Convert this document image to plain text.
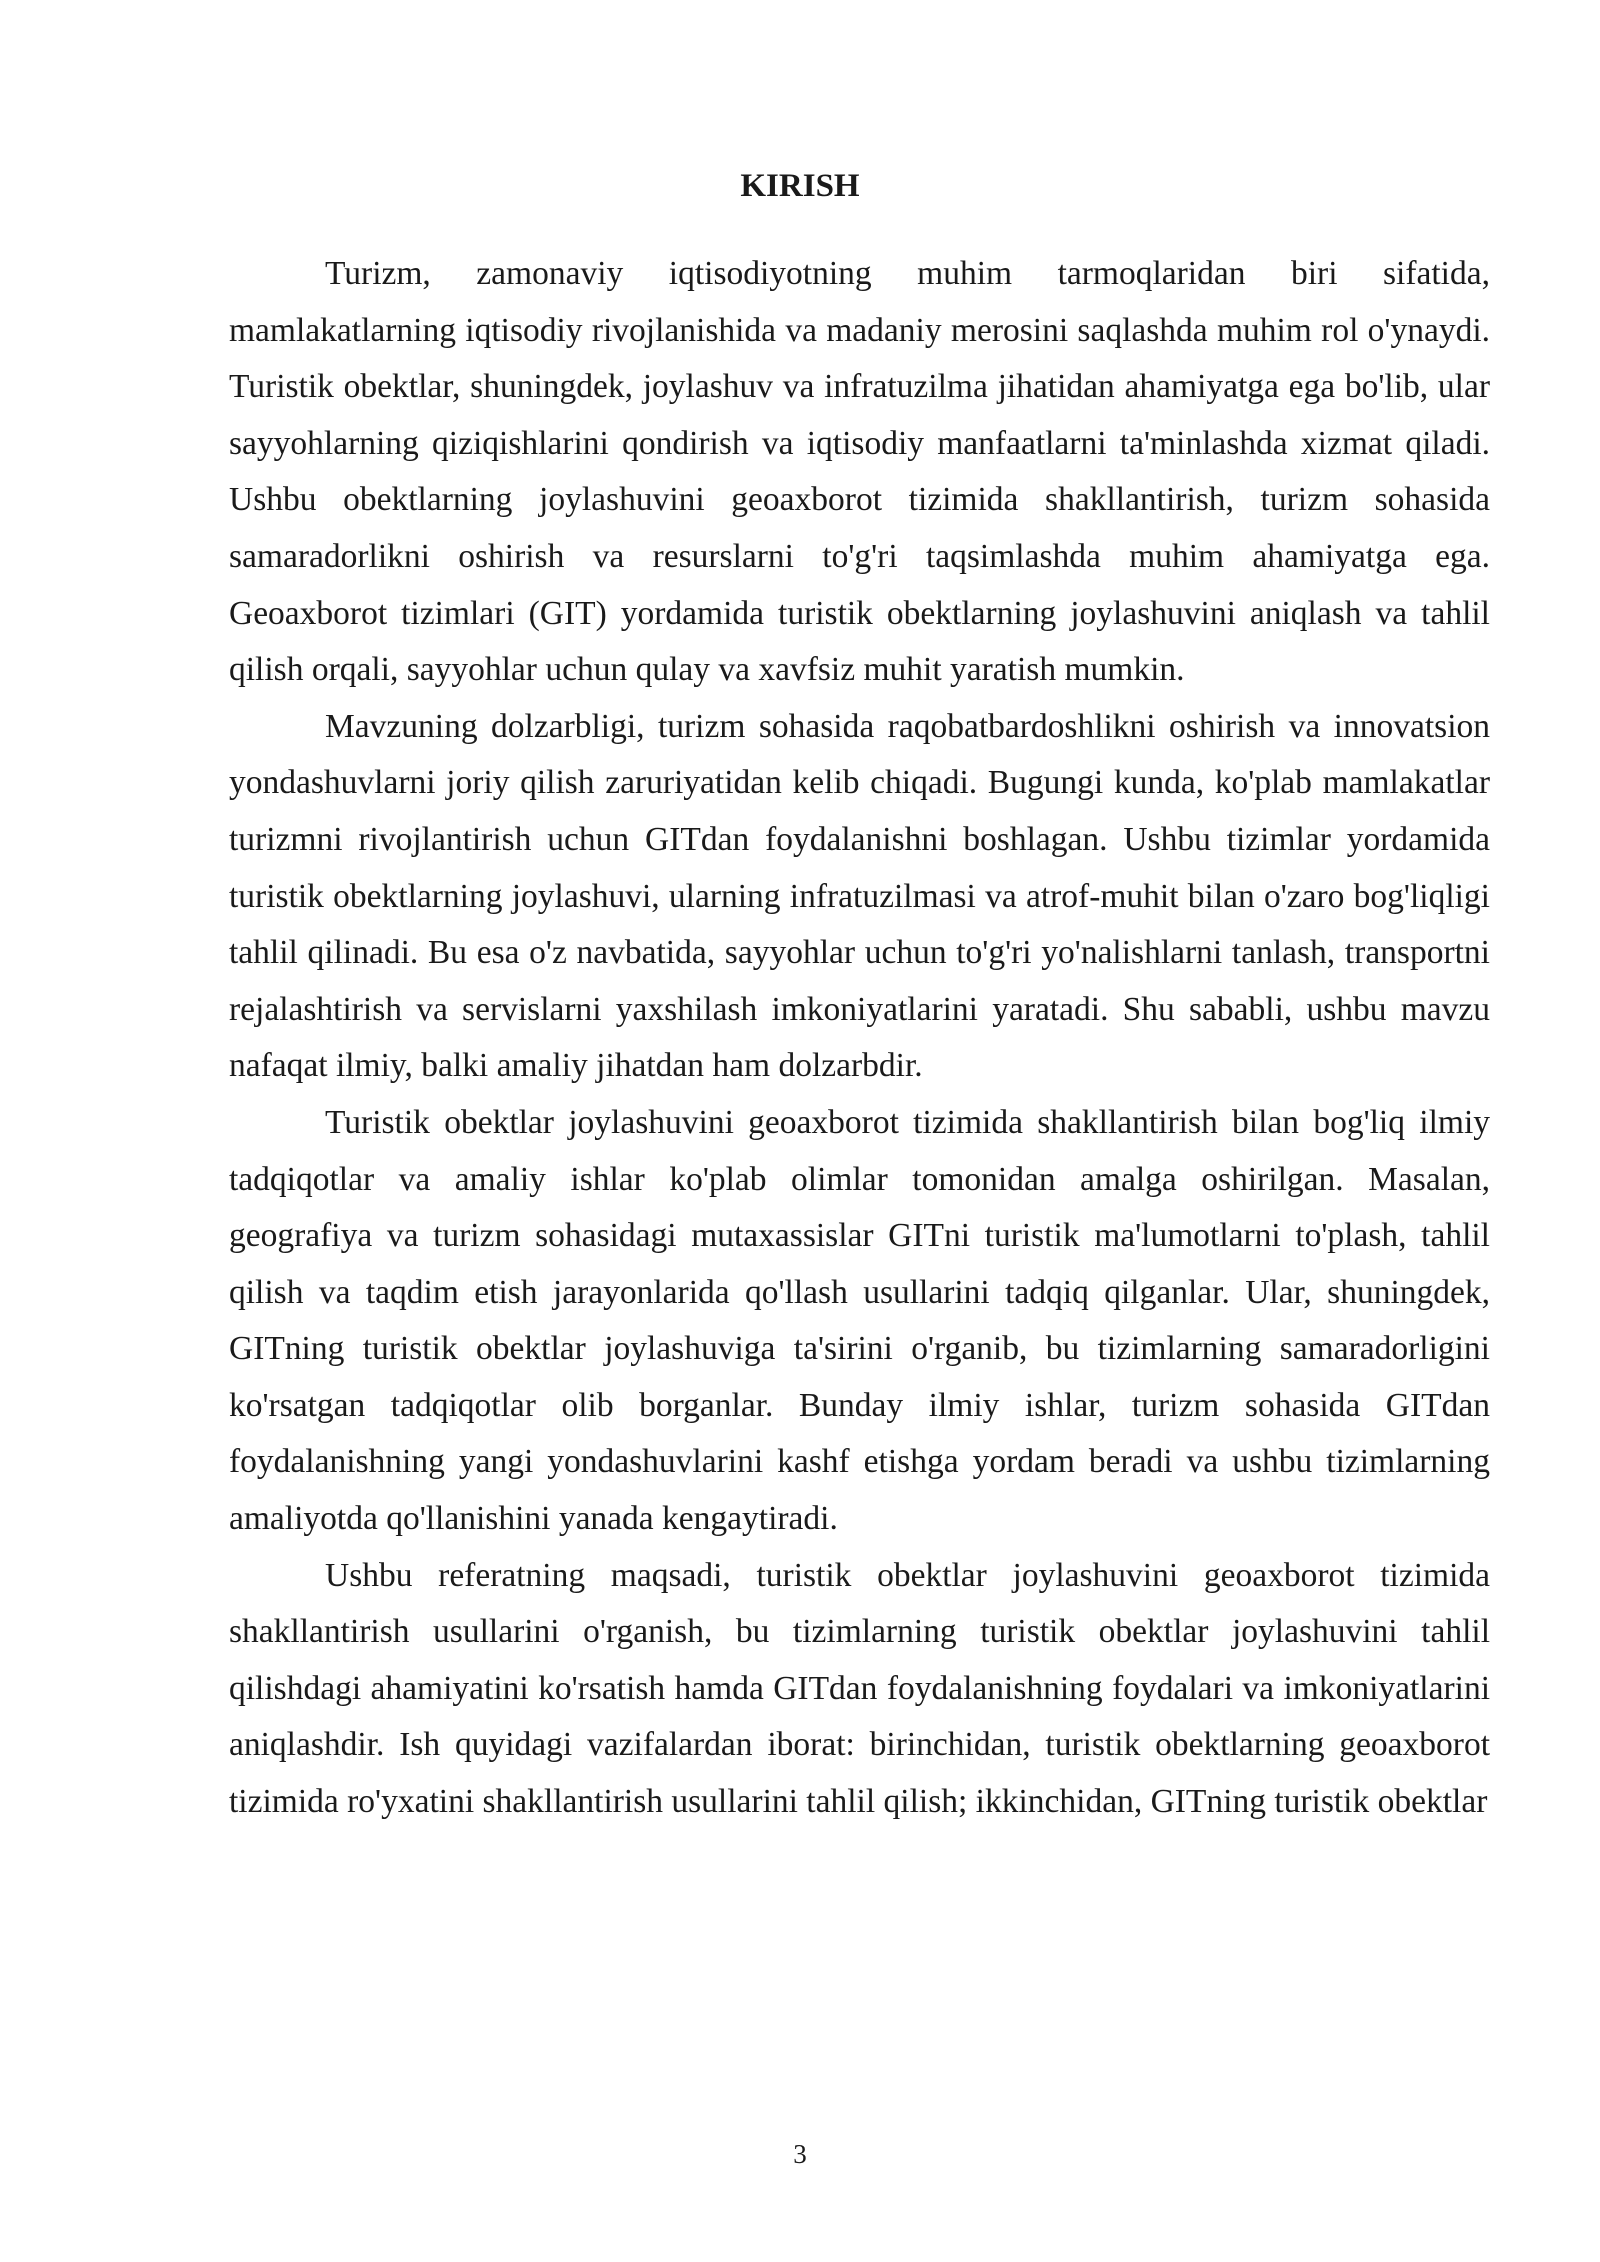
KIRISH

Turizm, zamonaviy iqtisodiyotning muhim tarmoqlaridan biri sifatida, mamlakatlarning iqtisodiy rivojlanishida va madaniy merosini saqlashda muhim rol o'ynaydi. Turistik obektlar, shuningdek, joylashuv va infratuzilma jihatidan ahamiyatga ega bo'lib, ular sayyohlarning qiziqishlarini qondirish va iqtisodiy manfaatlarni ta'minlashda xizmat qiladi. Ushbu obektlarning joylashuvini geoaxborot tizimida shakllantirish, turizm sohasida samaradorlikni oshirish va resurslarni to'g'ri taqsimlashda muhim ahamiyatga ega. Geoaxborot tizimlari (GIT) yordamida turistik obektlarning joylashuvini aniqlash va tahlil qilish orqali, sayyohlar uchun qulay va xavfsiz muhit yaratish mumkin.

Mavzuning dolzarbligi, turizm sohasida raqobatbardoshlikni oshirish va innovatsion yondashuvlarni joriy qilish zaruriyatidan kelib chiqadi. Bugungi kunda, ko'plab mamlakatlar turizmni rivojlantirish uchun GITdan foydalanishni boshlagan. Ushbu tizimlar yordamida turistik obektlarning joylashuvi, ularning infratuzilmasi va atrof-muhit bilan o'zaro bog'liqligi tahlil qilinadi. Bu esa o'z navbatida, sayyohlar uchun to'g'ri yo'nalishlarni tanlash, transportni rejalashtirish va servislarni yaxshilash imkoniyatlarini yaratadi. Shu sababli, ushbu mavzu nafaqat ilmiy, balki amaliy jihatdan ham dolzarbdir.

Turistik obektlar joylashuvini geoaxborot tizimida shakllantirish bilan bog'liq ilmiy tadqiqotlar va amaliy ishlar ko'plab olimlar tomonidan amalga oshirilgan. Masalan, geografiya va turizm sohasidagi mutaxassislar GITni turistik ma'lumotlarni to'plash, tahlil qilish va taqdim etish jarayonlarida qo'llash usullarini tadqiq qilganlar. Ular, shuningdek, GITning turistik obektlar joylashuviga ta'sirini o'rganib, bu tizimlarning samaradorligini ko'rsatgan tadqiqotlar olib borganlar. Bunday ilmiy ishlar, turizm sohasida GITdan foydalanishning yangi yondashuvlarini kashf etishga yordam beradi va ushbu tizimlarning amaliyotda qo'llanishini yanada kengaytiradi.

Ushbu referatning maqsadi, turistik obektlar joylashuvini geoaxborot tizimida shakllantirish usullarini o'rganish, bu tizimlarning turistik obektlar joylashuvini tahlil qilishdagi ahamiyatini ko'rsatish hamda GITdan foydalanishning foydalari va imkoniyatlarini aniqlashdir. Ish quyidagi vazifalardan iborat: birinchidan, turistik obektlarning geoaxborot tizimida ro'yxatini shakllantirish usullarini tahlil qilish; ikkinchidan, GITning turistik obektlar

3
